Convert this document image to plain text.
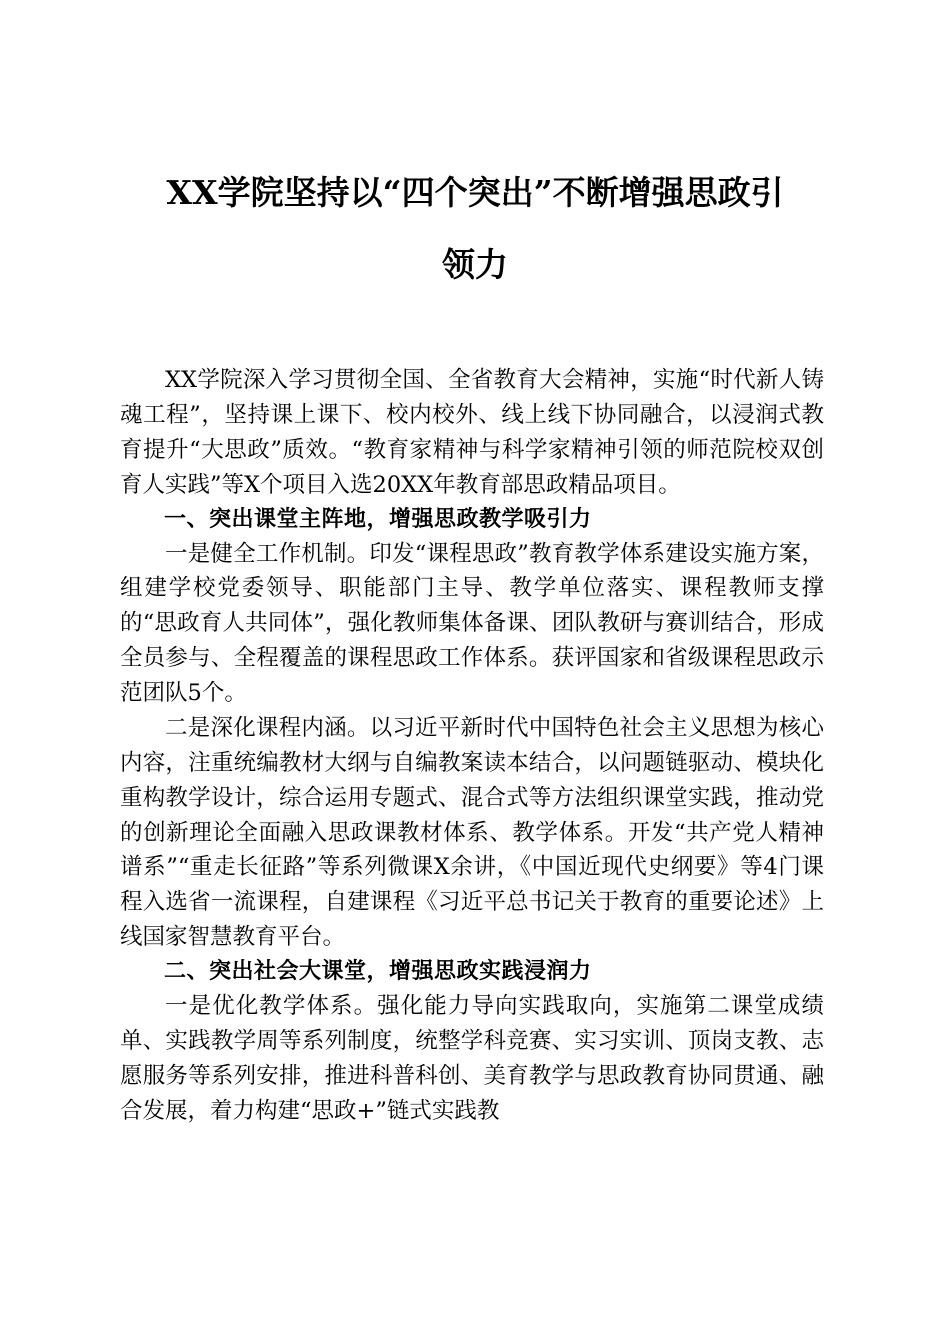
XX学院坚持以“四个突出”不断增强思政引
领力

XX学院深入学习贯彻全国、全省教育大会精神，实施“时代新人铸魂工程”，坚持课上课下、校内校外、线上线下协同融合，以浸润式教育提升“大思政”质效。“教育家精神与科学家精神引领的师范院校双创育人实践”等X个项目入选20XX年教育部思政精品项目。

一、突出课堂主阵地，增强思政教学吸引力

一是健全工作机制。印发“课程思政”教育教学体系建设实施方案，组建学校党委领导、职能部门主导、教学单位落实、课程教师支撑的“思政育人共同体”，强化教师集体备课、团队教研与赛训结合，形成全员参与、全程覆盖的课程思政工作体系。获评国家和省级课程思政示范团队5个。

二是深化课程内涵。以习近平新时代中国特色社会主义思想为核心内容，注重统编教材大纲与自编教案读本结合，以问题链驱动、模块化重构教学设计，综合运用专题式、混合式等方法组织课堂实践，推动党的创新理论全面融入思政课教材体系、教学体系。开发“共产党人精神谱系”“重走长征路”等系列微课X余讲，《中国近现代史纲要》等4门课程入选省一流课程，自建课程《习近平总书记关于教育的重要论述》上线国家智慧教育平台。

二、突出社会大课堂，增强思政实践浸润力

一是优化教学体系。强化能力导向实践取向，实施第二课堂成绩单、实践教学周等系列制度，统整学科竞赛、实习实训、顶岗支教、志愿服务等系列安排，推进科普科创、美育教学与思政教育协同贯通、融合发展，着力构建“思政+”链式实践教
